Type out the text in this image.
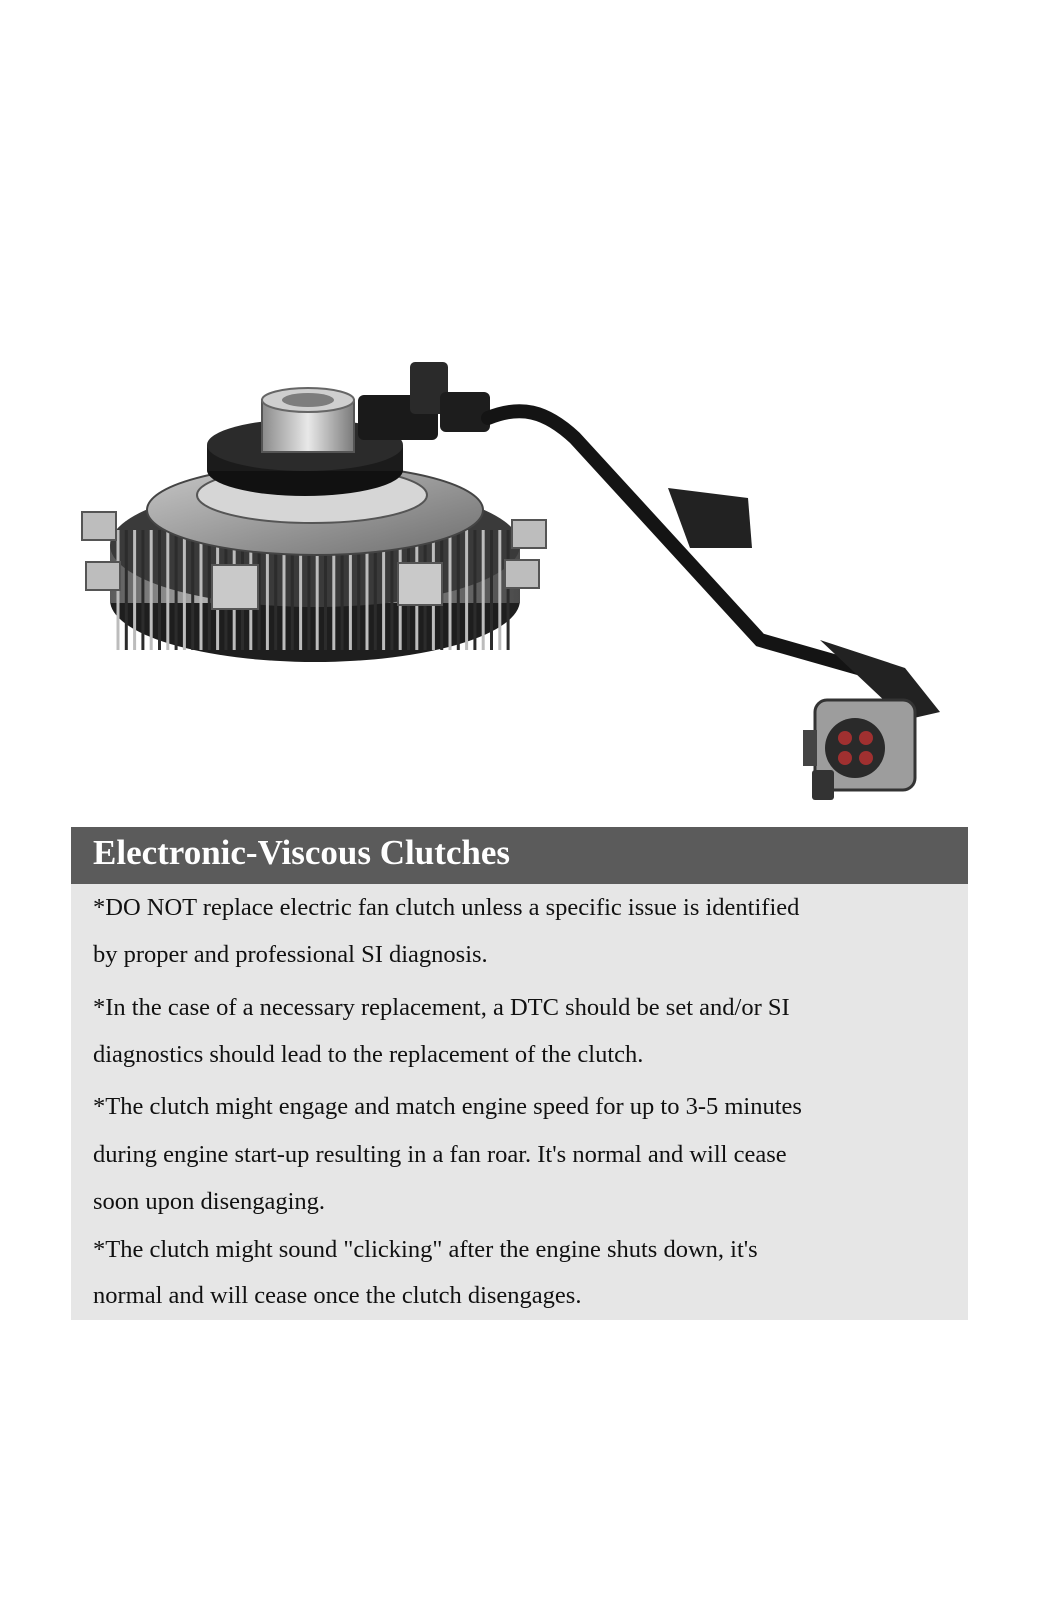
Electronic-Viscous Clutches
*DO NOT replace electric fan clutch unless a specific issue is identified
by proper and professional SI diagnosis.
*In the case of a necessary replacement, a DTC should be set and/or SI
diagnostics should lead to the replacement of the clutch.
*The clutch might engage and match engine speed for up to 3-5 minutes
during engine start-up resulting in a fan roar. It's normal and will cease
soon upon disengaging.
*The clutch might sound "clicking" after the engine shuts down, it's
normal and will cease once the clutch disengages.
